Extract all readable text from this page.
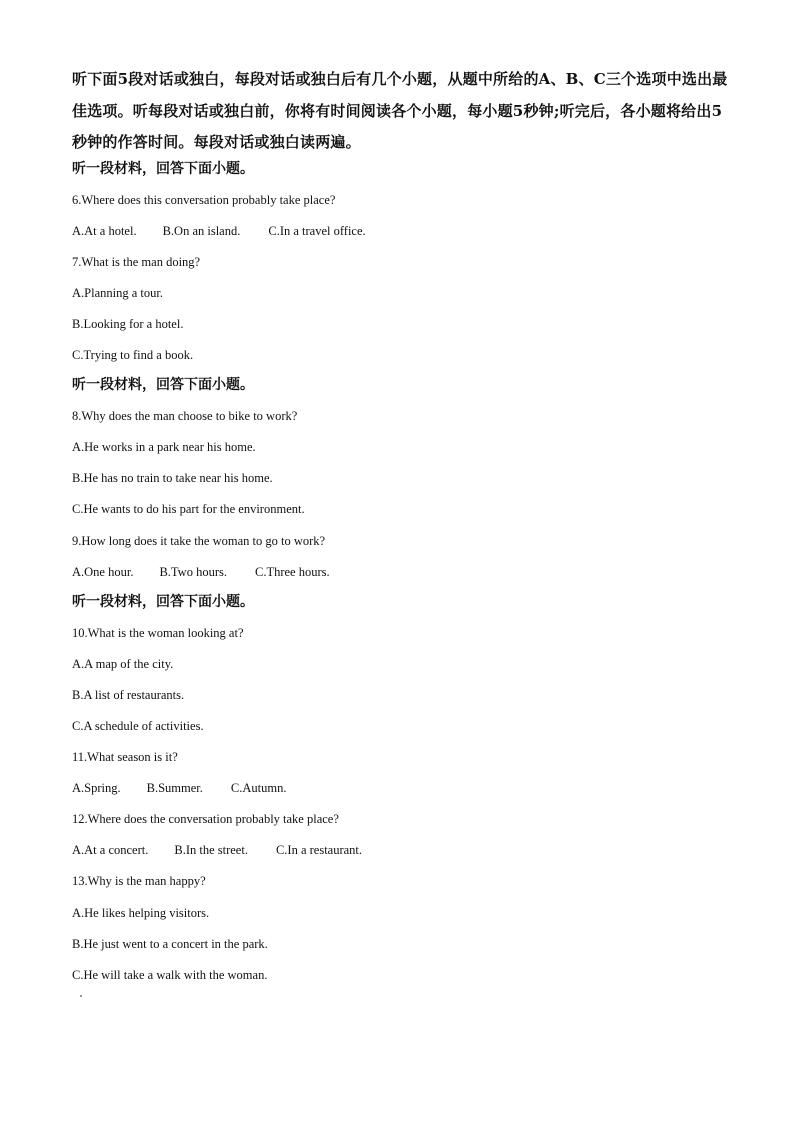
听下面5段对话或独白，每段对话或独白后有几个小题，从题中所给的A、B、C三个选项中选出最佳选项。听每段对话或独白前，你将有时间阅读各个小题，每小题5秒钟;听完后，各小题将给出5秒钟的作答时间。每段对话或独白读两遍。

听一段材料，回答下面小题。
6.Where does this conversation probably take place?
A.At a hotel. B.On an island. C.In a travel office.
7.What is the man doing?
A.Planning a tour.
B.Looking for a hotel.
C.Trying to find a book.
听一段材料，回答下面小题。
8.Why does the man choose to bike to work?
A.He works in a park near his home.
B.He has no train to take near his home.
C.He wants to do his part for the environment.
9.How long does it take the woman to go to work?
A.One hour. B.Two hours. C.Three hours.
听一段材料，回答下面小题。
10.What is the woman looking at?
A.A map of the city.
B.A list of restaurants.
C.A schedule of activities.
11.What season is it?
A.Spring. B.Summer. C.Autumn.
12.Where does the conversation probably take place?
A.At a concert. B.In the street. C.In a restaurant.
13.Why is the man happy?
A.He likes helping visitors.
B.He just went to a concert in the park.
C.He will take a walk with the woman.
